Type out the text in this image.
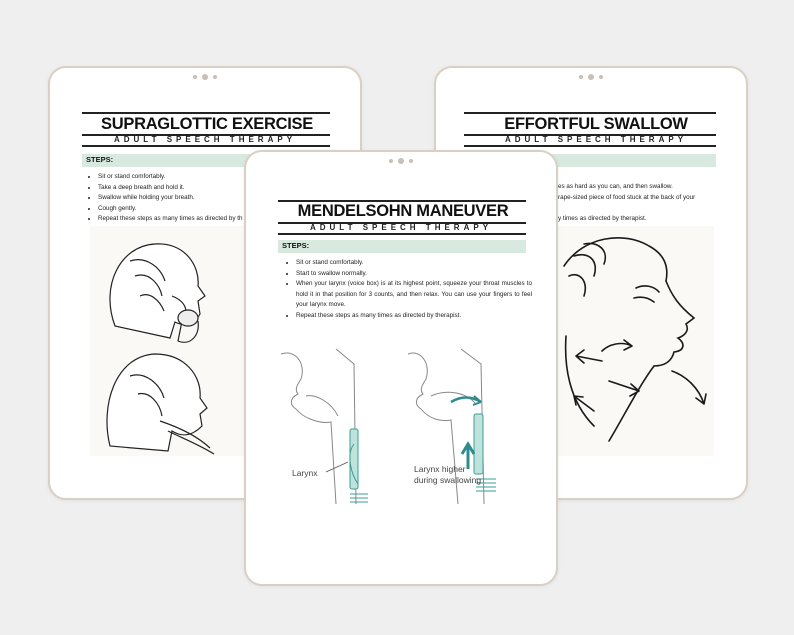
SUPRAGLOTTIC EXERCISE
ADULT SPEECH THERAPY
STEPS:
• Sit or stand comfortably.
• Take a deep breath and hold it.
• Swallow while holding your breath.
• Cough gently.
• Repeat these steps as many times as directed by th
EFFORTFUL SWALLOW
ADULT SPEECH THERAPY
es as hard as you can, and then swallow.
rape-sized piece of food stuck at the back of your
y times as directed by therapist.
MENDELSOHN MANEUVER
ADULT SPEECH THERAPY
STEPS:
• Sit or stand comfortably.
• Start to swallow normally.
• When your larynx (voice box) is at its highest point, squeeze your throat muscles to hold it in that position for 3 counts, and then relax. You can use your fingers to feel your larynx move.
• Repeat these steps as many times as directed by therapist.
Larynx	Larynx higher
during swallowing
